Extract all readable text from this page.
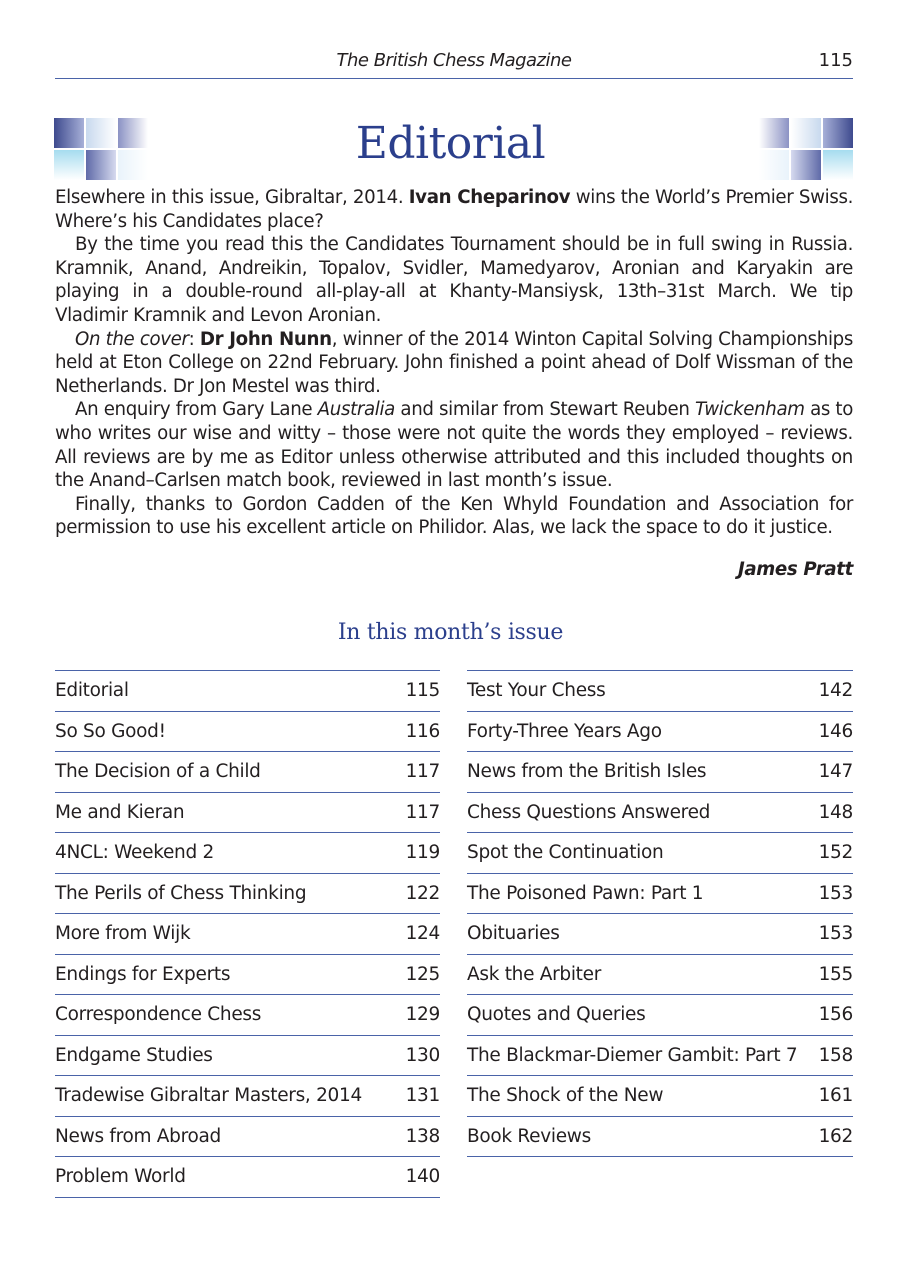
The British Chess Magazine	115
Editorial

Elsewhere in this issue, Gibraltar, 2014. Ivan Cheparinov wins the World’s Premier Swiss. Where’s his Candidates place?

By the time you read this the Candidates Tournament should be in full swing in Russia. Kramnik, Anand, Andreikin, Topalov, Svidler, Mamedyarov, Aronian and Karyakin are playing in a double-round all-play-all at Khanty-Mansiysk, 13th–31st March. We tip Vladimir Kramnik and Levon Aronian.

On the cover: Dr John Nunn, winner of the 2014 Winton Capital Solving Championships held at Eton College on 22nd February. John finished a point ahead of Dolf Wissman of the Netherlands. Dr Jon Mestel was third.

An enquiry from Gary Lane Australia and similar from Stewart Reuben Twickenham as to who writes our wise and witty – those were not quite the words they employed – reviews. All reviews are by me as Editor unless otherwise attributed and this included thoughts on the Anand–Carlsen match book, reviewed in last month’s issue.

Finally, thanks to Gordon Cadden of the Ken Whyld Foundation and Association for permission to use his excellent article on Philidor. Alas, we lack the space to do it justice.

James Pratt

In this month’s issue
Editorial	115
So So Good!	116
The Decision of a Child	117
Me and Kieran	117
4NCL: Weekend 2	119
The Perils of Chess Thinking	122
More from Wijk	124
Endings for Experts	125
Correspondence Chess	129
Endgame Studies	130
Tradewise Gibraltar Masters, 2014 131
News from Abroad	138
Problem World	140
Test Your Chess	142
Forty-Three Years Ago	146
News from the British Isles	147
Chess Questions Answered	148
Spot the Continuation	152
The Poisoned Pawn: Part 1	153
Obituaries	153
Ask the Arbiter	155
Quotes and Queries	156
The Blackmar-Diemer Gambit: Part 7 158
The Shock of the New	161
Book Reviews	162
